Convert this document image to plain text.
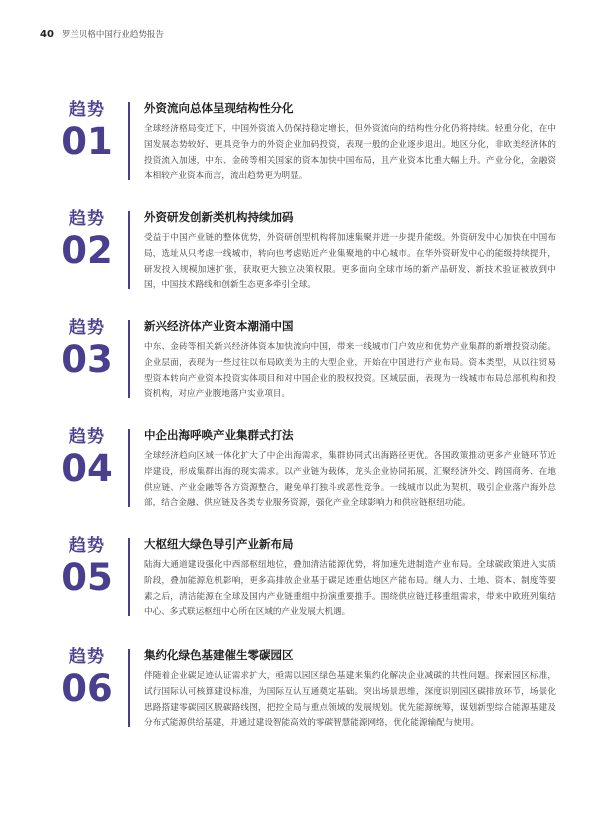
40 罗兰贝格中国行业趋势报告
趋势
01

外资流向总体呈现结构性分化

全球经济格局变迁下，中国外资流入仍保持稳定增长，但外资流向的结构性分化仍将持续。轻重分化，在中国发展态势较好、更具竞争力的外资企业加码投资，表现一般的企业逐步退出。地区分化，非欧美经济体的投资流入加速，中东、金砖等相关国家的资本加快中国布局，且产业资本比重大幅上升。产业分化，金融资本相较产业资本而言，流出趋势更为明显。

趋势
02

外资研发创新类机构持续加码

受益于中国产业链的整体优势，外资研创型机构将加速集聚并进一步提升能级。外资研发中心加快在中国布局，选址从只考虑一线城市，转向也考虑贴近产业集聚地的中心城市。在华外资研发中心的能级持续提升，研发投入规模加速扩张，获取更大独立决策权限。更多面向全球市场的新产品研发、新技术验证被放到中国，中国技术路线和创新生态更多牵引全球。

趋势
03

新兴经济体产业资本潮涌中国

中东、金砖等相关新兴经济体资本加快流向中国，带来一线城市门户效应和优势产业集群的新增投资动能。企业层面，表现为一些过往以布局欧美为主的大型企业，开始在中国进行产业布局。资本类型，从以往贸易型资本转向产业资本投资实体项目和对中国企业的股权投资。区域层面，表现为一线城市布局总部机构和投资机构，对应产业腹地落户实业项目。

趋势
04

中企出海呼唤产业集群式打法

全球经济趋向区域一体化扩大了中企出海需求，集群协同式出海路径更优。各国政策推动更多产业链环节近岸建设，形成集群出海的现实需求。以产业链为载体，龙头企业协同拓展，汇聚经济外交、跨国商务、在地供应链、产业金融等各方资源整合，避免单打独斗或恶性竞争。一线城市以此为契机，吸引企业落户海外总部，结合金融、供应链及各类专业服务资源，强化产业全球影响力和供应链枢纽功能。

趋势
05

大枢纽大绿色导引产业新布局

陆海大通道建设强化中西部枢纽地位，叠加清洁能源优势，将加速先进制造产业布局。全球碳政策进入实质阶段，叠加能源危机影响，更多高排放企业基于碳足迹重估地区产能布局。继人力、土地、资本、制度等要素之后，清洁能源在全球及国内产业链重组中扮演重要推手。围绕供应链迁移重组需求，带来中欧班列集结中心、多式联运枢纽中心所在区域的产业发展大机遇。

趋势
06

集约化绿色基建催生零碳园区

伴随着企业碳足迹认证需求扩大，亟需以园区绿色基建来集约化解决企业减碳的共性问题。探索园区标准，试行国际认可核算建设标准，为国际互认互通奠定基础。突出场景思维，深度识别园区碳排放环节，场景化思路搭建零碳园区脱碳路线图，把控全局与重点领域的发展规划。优先能源统筹，谋划新型综合能源基建及分布式能源供给基建，并通过建设智能高效的零碳智慧能源网络，优化能源输配与使用。
